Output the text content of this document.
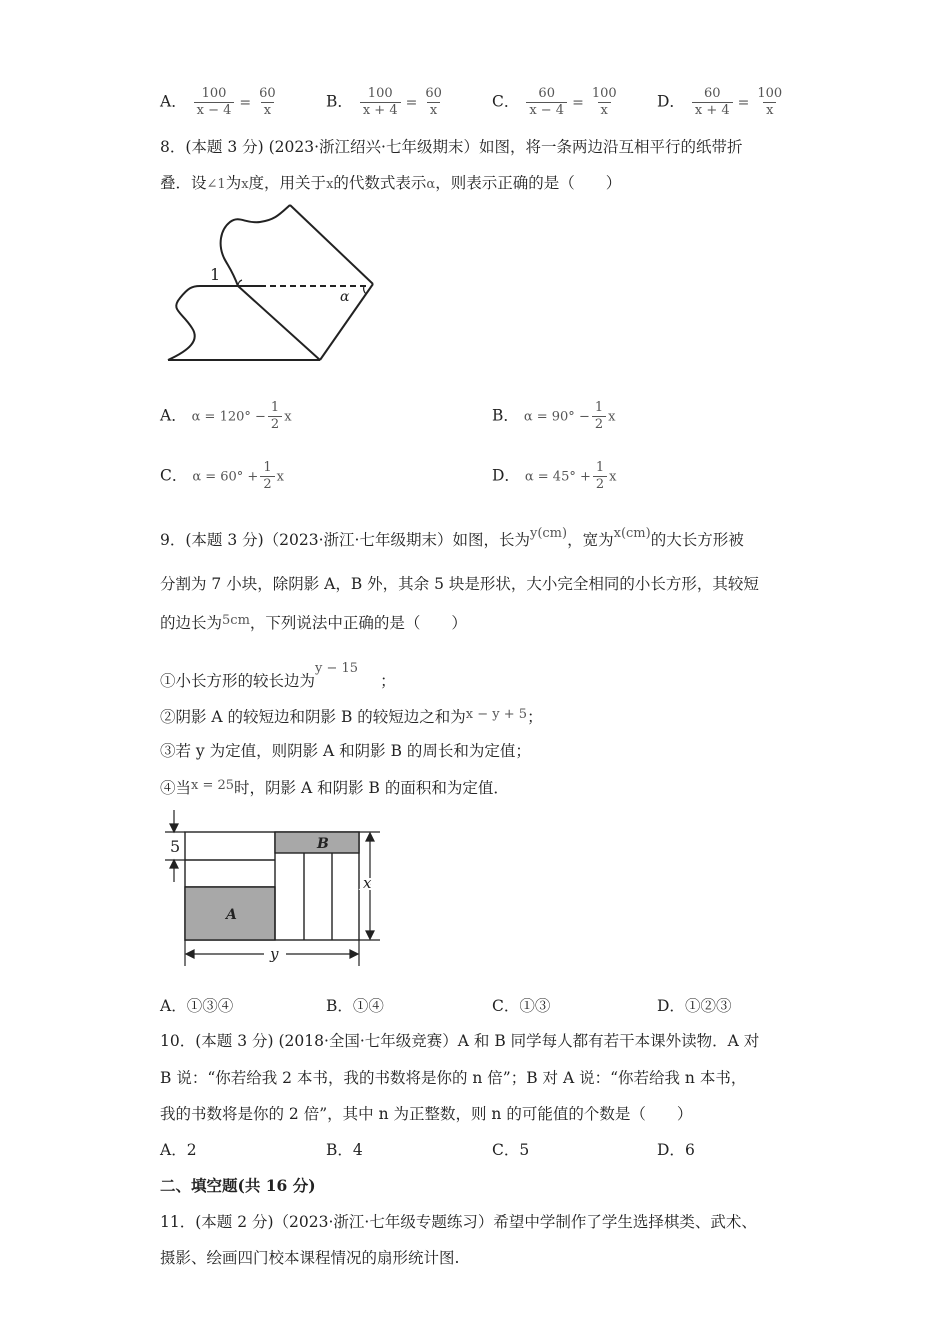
A． $\frac{100}{x - 4} = \frac{60}{x}$	B． $\frac{100}{x + 4} = \frac{60}{x}$	C． $\frac{60}{x - 4} = \frac{100}{x}$ D． $\frac{60}{x + 4} = \frac{100}{x}$
8．(本题 3 分) (2023·浙江绍兴·七年级期末）如图，将一条两边沿互相平行的纸带折
叠．设∠1为x度，用关于x的代数式表示α，则表示正确的是（　　）
1
α
A． $\alpha = 120^\circ - \frac{1}{2}$ x	B． $\alpha = 90^\circ - \frac{1}{2}$ x
C． $\alpha = 60^\circ + \frac{1}{2}$ x	D． $\alpha = 45^\circ + \frac{1}{2}$ x
9．(本题 3 分)（2023·浙江·七年级期末）如图，长为$^{y(cm)}$，宽为$^{x(cm)}$的大长方形被
分割为 7 小块，除阴影 A，B 外，其余 5 块是形状，大小完全相同的小长方形，其较短
的边长为$^{5cm}$，下列说法中正确的是（　　）
①小长方形的较长边为$^{y - 15}$；
②阴影 A 的较短边和阴影 B 的较短边之和为$^{x - y + 5}$；
③若 y 为定值，则阴影 A 和阴影 B 的周长和为定值；
④当$^{x = 25}$时，阴影 A 和阴影 B 的面积和为定值．
5
A
B
x
y
A．①③④	B．①④	C．①③	D．①②③
10．(本题 3 分) (2018·全国·七年级竞赛）A 和 B 同学每人都有若干本课外读物．A 对
B 说：“你若给我 2 本书，我的书数将是你的 n 倍”；B 对 A 说：“你若给我 n 本书，
我的书数将是你的 2 倍”，其中 n 为正整数，则 n 的可能值的个数是（　　）
A．2	B．4	C．5	D．6
二、填空题(共 16 分)
11．(本题 2 分)（2023·浙江·七年级专题练习）希望中学制作了学生选择棋类、武术、
摄影、绘画四门校本课程情况的扇形统计图.
